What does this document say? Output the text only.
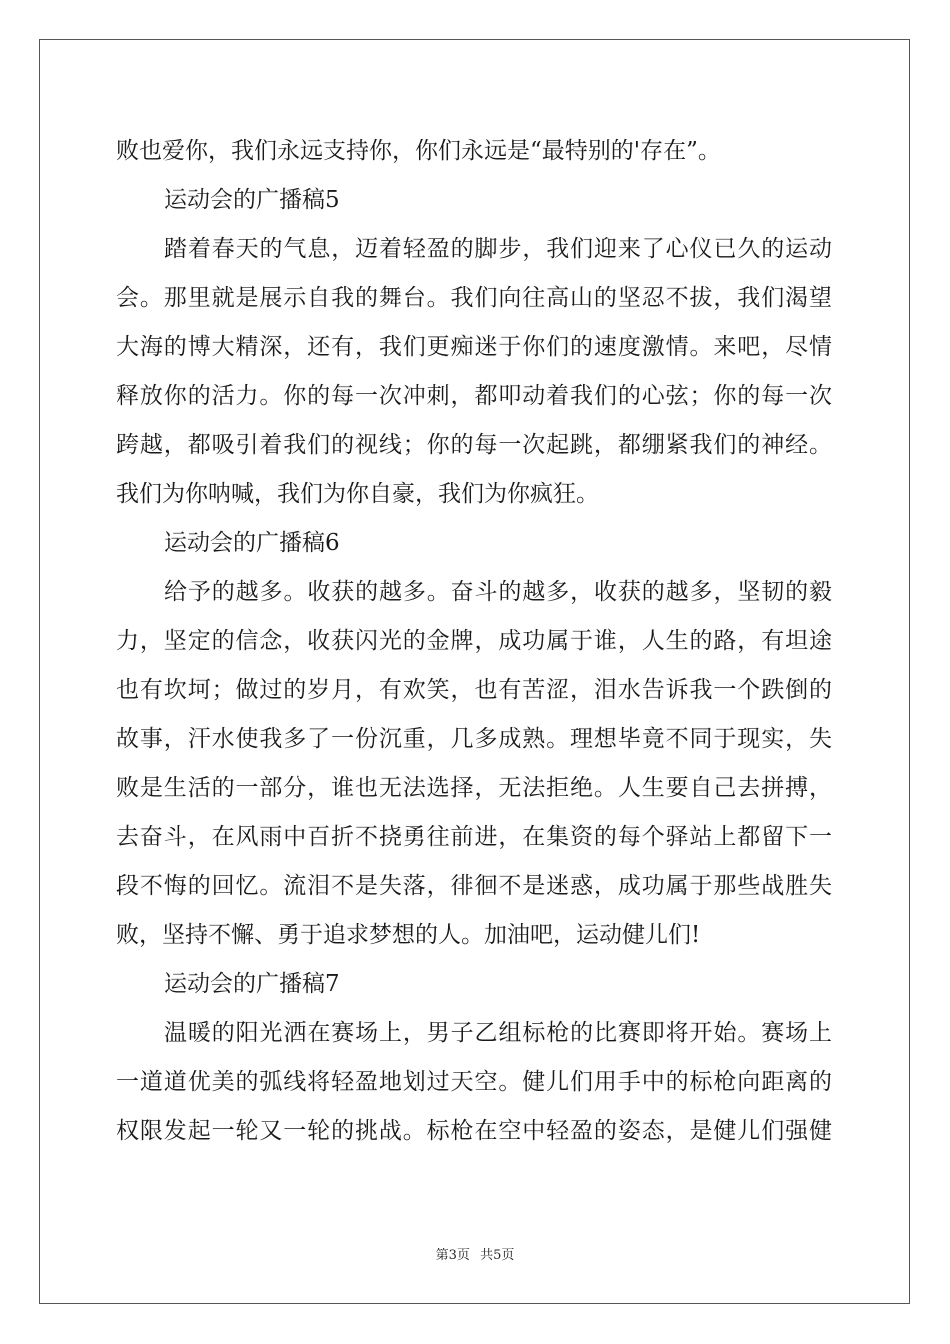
败也爱你，我们永远支持你，你们永远是“最特别的'存在”。
运动会的广播稿5
踏着春天的气息，迈着轻盈的脚步，我们迎来了心仪已久的运动
会。那里就是展示自我的舞台。我们向往高山的坚忍不拔，我们渴望
大海的博大精深，还有，我们更痴迷于你们的速度激情。来吧，尽情
释放你的活力。你的每一次冲刺，都叩动着我们的心弦；你的每一次
跨越，都吸引着我们的视线；你的每一次起跳，都绷紧我们的神经。
我们为你呐喊，我们为你自豪，我们为你疯狂。
运动会的广播稿6
给予的越多。收获的越多。奋斗的越多，收获的越多，坚韧的毅
力，坚定的信念，收获闪光的金牌，成功属于谁，人生的路，有坦途
也有坎坷；做过的岁月，有欢笑，也有苦涩，泪水告诉我一个跌倒的
故事，汗水使我多了一份沉重，几多成熟。理想毕竟不同于现实，失
败是生活的一部分，谁也无法选择，无法拒绝。人生要自己去拼搏，
去奋斗，在风雨中百折不挠勇往前进，在集资的每个驿站上都留下一
段不悔的回忆。流泪不是失落，徘徊不是迷惑，成功属于那些战胜失
败，坚持不懈、勇于追求梦想的人。加油吧，运动健儿们!
运动会的广播稿7
温暖的阳光洒在赛场上，男子乙组标枪的比赛即将开始。赛场上
一道道优美的弧线将轻盈地划过天空。健儿们用手中的标枪向距离的
权限发起一轮又一轮的挑战。标枪在空中轻盈的姿态，是健儿们强健
第3页 共5页
